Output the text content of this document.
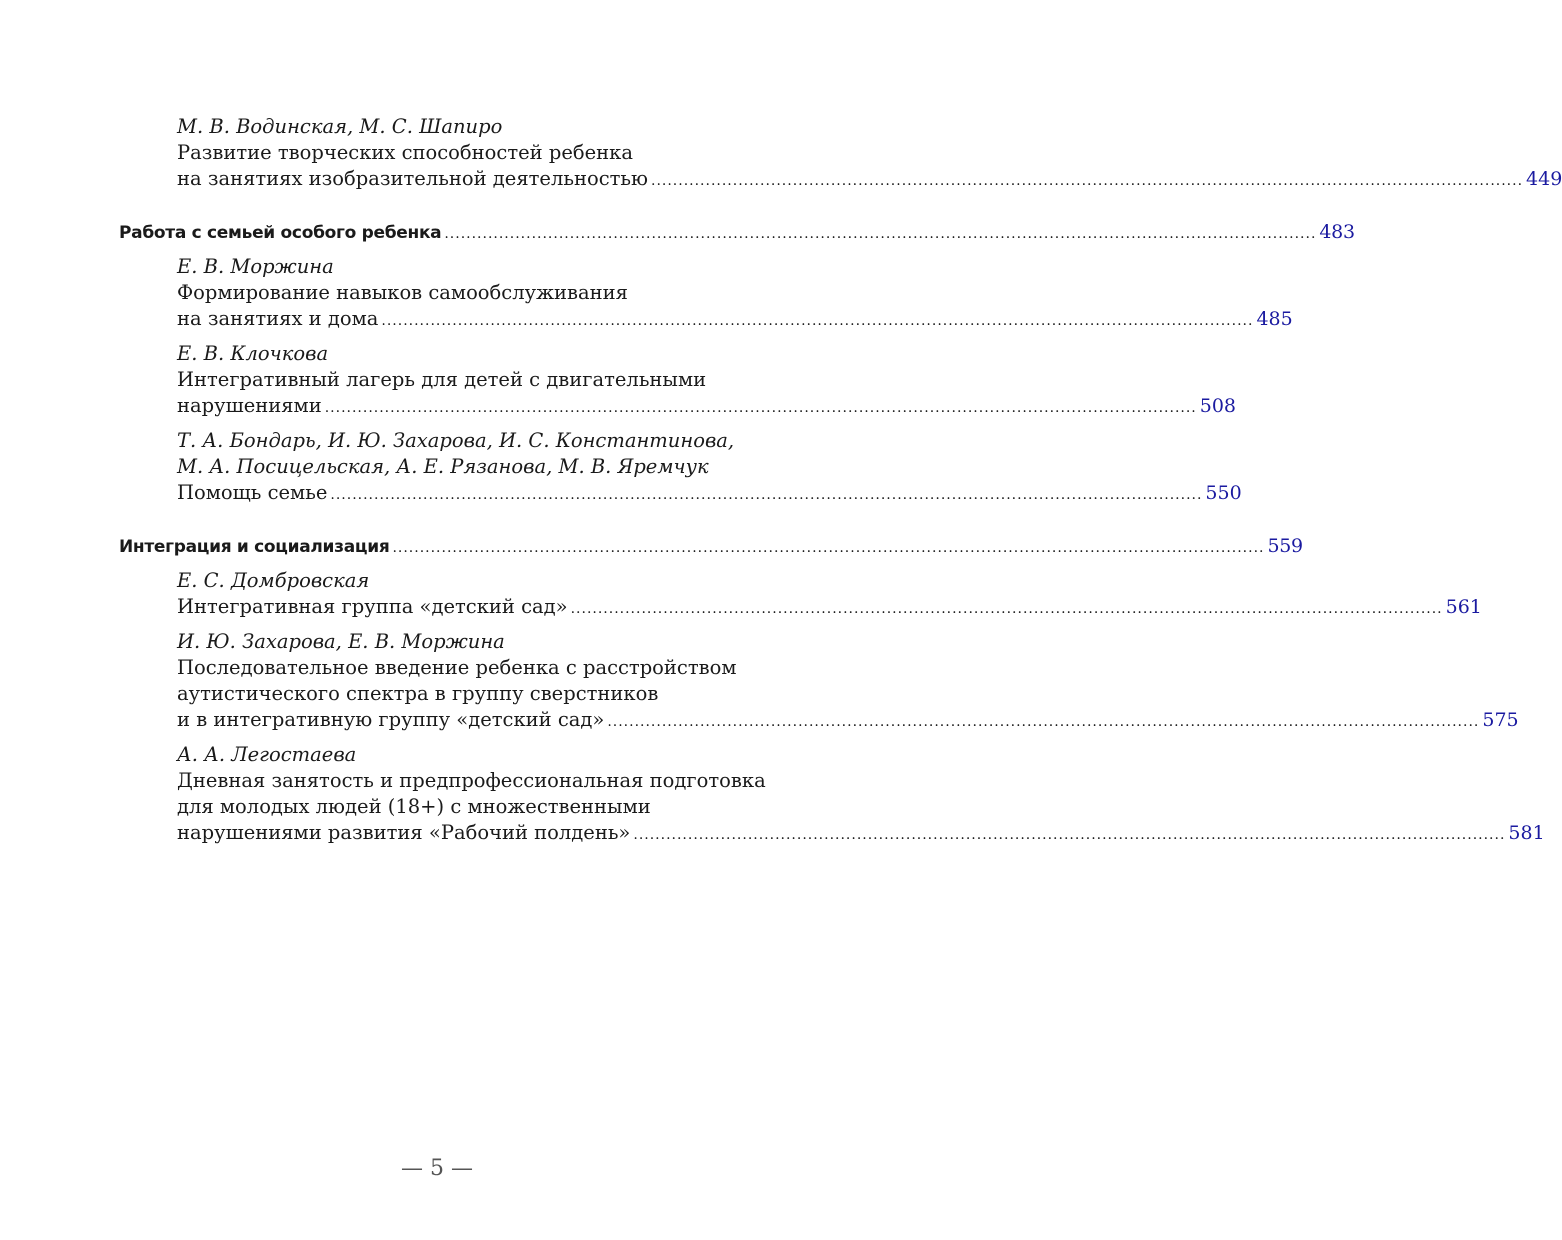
М. В. Водинская, М. С. Шапиро
Развитие творческих способностей ребенка
на занятиях изобразительной деятельностью ................................................................................................................................................................ 449
Работа с семьей особого ребенка ................................................................................................................................................................ 483
Е. В. Моржина
Формирование навыков самообслуживания
на занятиях и дома ................................................................................................................................................................ 485
Е. В. Клочкова
Интегративный лагерь для детей с двигательными
нарушениями ................................................................................................................................................................ 508
Т. А. Бондарь, И. Ю. Захарова, И. С. Константинова,
М. А. Посицельская, А. Е. Рязанова, М. В. Яремчук
Помощь семье ................................................................................................................................................................ 550
Интеграция и социализация ................................................................................................................................................................ 559
Е. С. Домбровская
Интегративная группа «детский сад» ................................................................................................................................................................ 561
И. Ю. Захарова, Е. В. Моржина
Последовательное введение ребенка с расстройством
аутистического спектра в группу сверстников
и в интегративную группу «детский сад» ................................................................................................................................................................ 575
А. А. Легостаева
Дневная занятость и предпрофессиональная подготовка
для молодых людей (18+) с множественными
нарушениями развития «Рабочий полдень» ................................................................................................................................................................ 581
— 5 —
